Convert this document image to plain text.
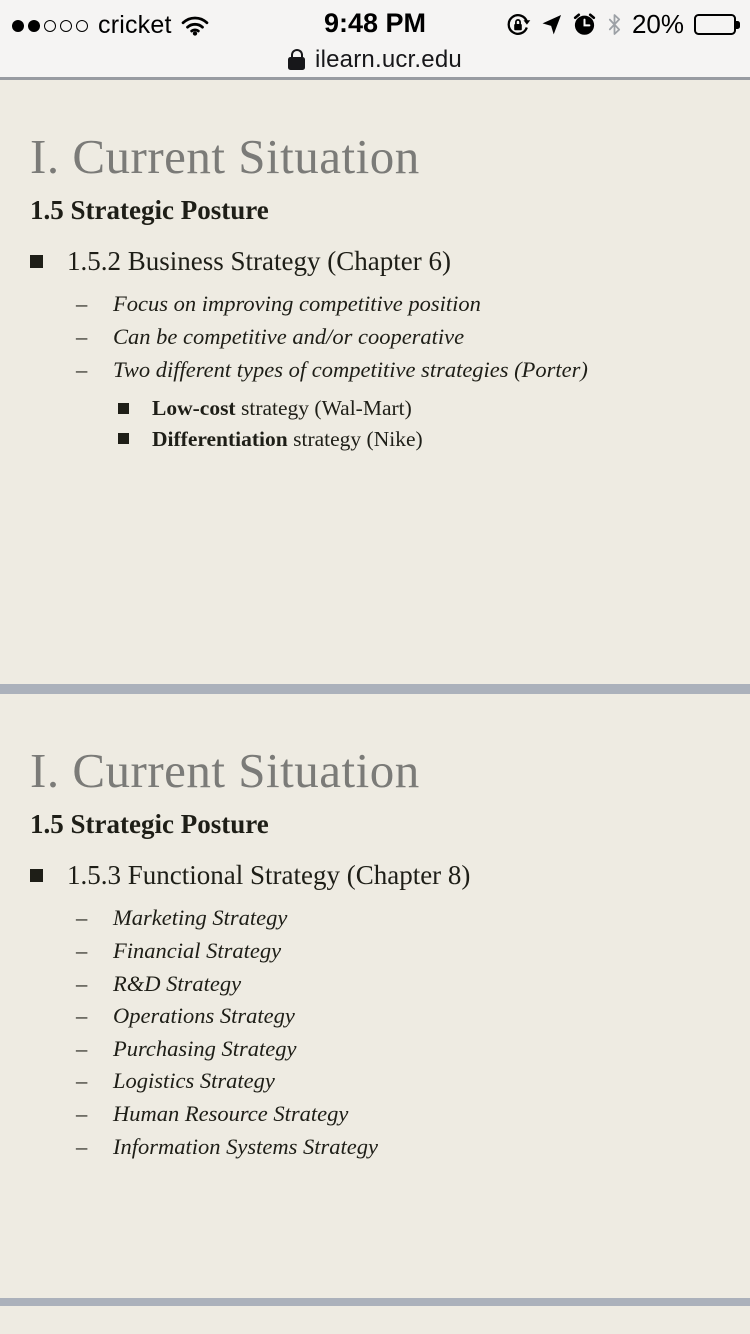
cricket	9:48 PM	20%
ilearn.ucr.edu
I. Current Situation
1.5 Strategic Posture
1.5.2 Business Strategy (Chapter 6)
–	Focus on improving competitive position
–	Can be competitive and/or cooperative
–	Two different types of competitive strategies (Porter)
Low-cost strategy (Wal-Mart)
Differentiation strategy (Nike)
I. Current Situation
1.5 Strategic Posture
1.5.3 Functional Strategy (Chapter 8)
–	Marketing Strategy
–	Financial Strategy
–	R&D Strategy
–	Operations Strategy
–	Purchasing Strategy
–	Logistics Strategy
–	Human Resource Strategy
–	Information Systems Strategy
